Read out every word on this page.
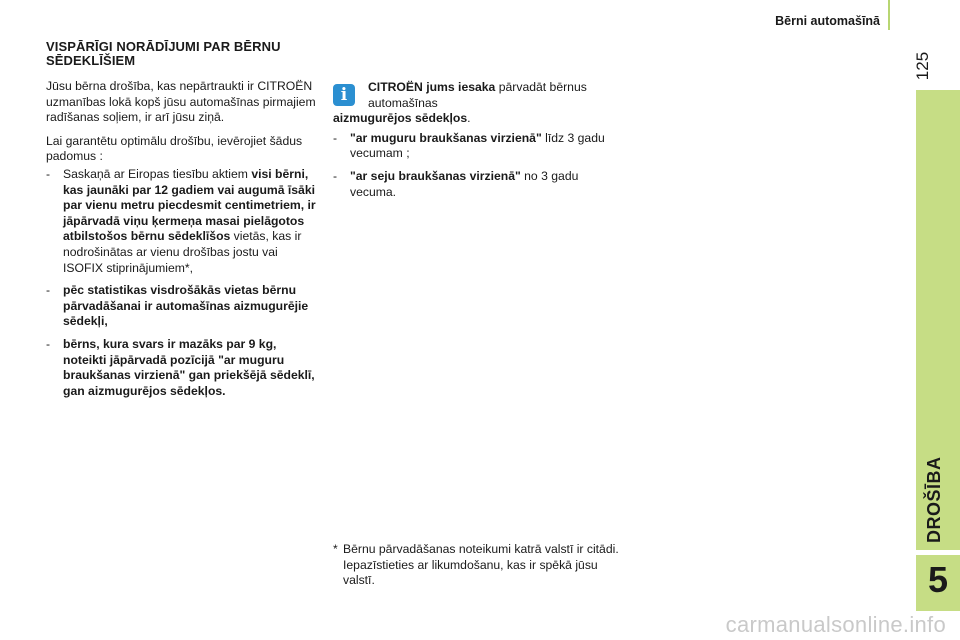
Bērni automašīnā
125
DROŠĪBA
5
VISPĀRĪGI NORĀDĪJUMI PAR BĒRNU SĒDEKLĪŠIEM

Jūsu bērna drošība, kas nepārtraukti ir CITROËN uzmanības lokā kopš jūsu automašīnas pirmajiem radīšanas soļiem, ir arī jūsu ziņā.

Lai garantētu optimālu drošību, ievērojiet šādus padomus :

- Saskaņā ar Eiropas tiesību aktiem visi bērni, kas jaunāki par 12 gadiem vai augumā īsāki par vienu metru piecdesmit centimetriem, ir jāpārvadā viņu ķermeņa masai pielāgotos atbilstošos bērnu sēdeklīšos vietās, kas ir nodrošinātas ar vienu drošības jostu vai ISOFIX stiprinājumiem*,
- pēc statistikas visdrošākās vietas bērnu pārvadāšanai ir automašīnas aizmugurējie sēdekļi,
- bērns, kura svars ir mazāks par 9 kg, noteikti jāpārvadā pozīcijā "ar muguru braukšanas virzienā" gan priekšējā sēdeklī, gan aizmugurējos sēdekļos.
i	CITROËN jums iesaka pārvadāt bērnus automašīnas
aizmugurējos sēdekļos.
- "ar muguru braukšanas virzienā" līdz 3 gadu vecumam ;
- "ar seju braukšanas virzienā" no 3 gadu vecuma.
* Bērnu pārvadāšanas noteikumi katrā valstī ir citādi. Iepazīstieties ar likumdošanu, kas ir spēkā jūsu valstī.
carmanualsonline.info
